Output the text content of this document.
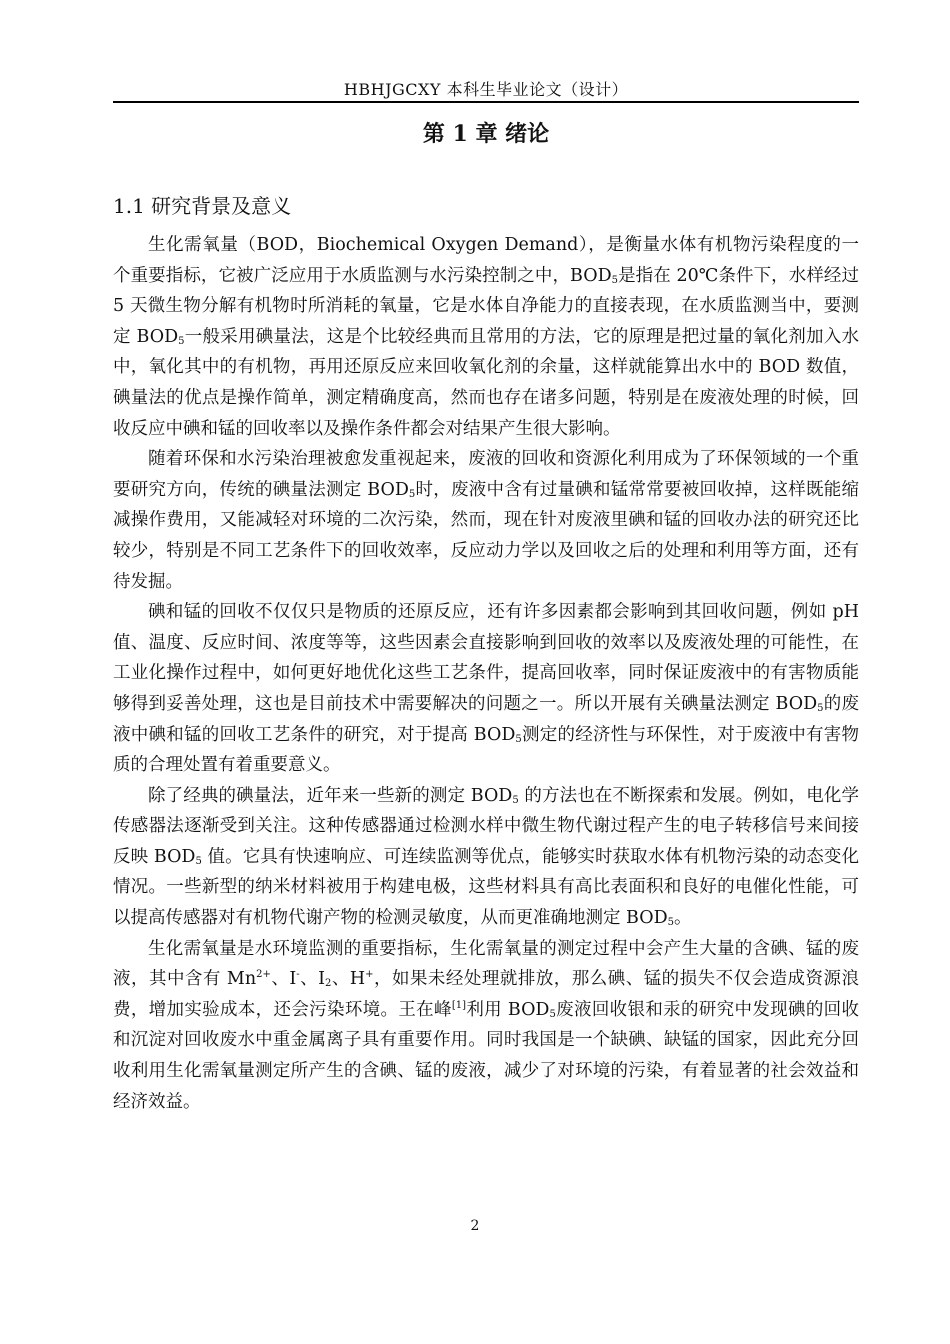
HBHJGCXY 本科生毕业论文（设计）
第 1 章 绪论
1.1 研究背景及意义

生化需氧量（BOD，Biochemical Oxygen Demand），是衡量水体有机物污染程度的一个重要指标，它被广泛应用于水质监测与水污染控制之中，$BOD_5$是指在 20℃条件下，水样经过 5 天微生物分解有机物时所消耗的氧量，它是水体自净能力的直接表现，在水质监测当中，要测定 $BOD_5$一般采用碘量法，这是个比较经典而且常用的方法，它的原理是把过量的氧化剂加入水中，氧化其中的有机物，再用还原反应来回收氧化剂的余量，这样就能算出水中的 BOD 数值，碘量法的优点是操作简单，测定精确度高，然而也存在诸多问题，特别是在废液处理的时候，回收反应中碘和锰的回收率以及操作条件都会对结果产生很大影响。

随着环保和水污染治理被愈发重视起来，废液的回收和资源化利用成为了环保领域的一个重要研究方向，传统的碘量法测定 $BOD_5$时，废液中含有过量碘和锰常常要被回收掉，这样既能缩减操作费用，又能减轻对环境的二次污染，然而，现在针对废液里碘和锰的回收办法的研究还比较少，特别是不同工艺条件下的回收效率，反应动力学以及回收之后的处理和利用等方面，还有待发掘。

碘和锰的回收不仅仅只是物质的还原反应，还有许多因素都会影响到其回收问题，例如 pH 值、温度、反应时间、浓度等等，这些因素会直接影响到回收的效率以及废液处理的可能性，在工业化操作过程中，如何更好地优化这些工艺条件，提高回收率，同时保证废液中的有害物质能够得到妥善处理，这也是目前技术中需要解决的问题之一。所以开展有关碘量法测定 $BOD_5$的废液中碘和锰的回收工艺条件的研究，对于提高 $BOD_5$测定的经济性与环保性，对于废液中有害物质的合理处置有着重要意义。

除了经典的碘量法，近年来一些新的测定 $BOD_5$ 的方法也在不断探索和发展。例如，电化学传感器法逐渐受到关注。这种传感器通过检测水样中微生物代谢过程产生的电子转移信号来间接反映 $BOD_5$ 值。它具有快速响应、可连续监测等优点，能够实时获取水体有机物污染的动态变化情况。一些新型的纳米材料被用于构建电极，这些材料具有高比表面积和良好的电催化性能，可以提高传感器对有机物代谢产物的检测灵敏度，从而更准确地测定 $BOD_5$。

生化需氧量是水环境监测的重要指标，生化需氧量的测定过程中会产生大量的含碘、锰的废液，其中含有 $Mn^{2+}$、I-、$I_2$、H+，如果未经处理就排放，那么碘、锰的损失不仅会造成资源浪费，增加实验成本，还会污染环境。王在峰[1]利用 $BOD_5$废液回收银和汞的研究中发现碘的回收和沉淀对回收废水中重金属离子具有重要作用。同时我国是一个缺碘、缺锰的国家，因此充分回收利用生化需氧量测定所产生的含碘、锰的废液，减少了对环境的污染，有着显著的社会效益和经济效益。

2
